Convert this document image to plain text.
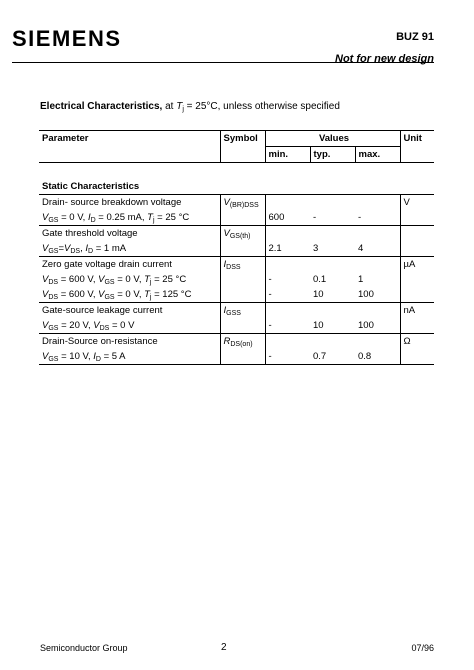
SIEMENS	BUZ 91
Not for new design
Electrical Characteristics, at $T_j = 25^\circ C$, unless otherwise specified
Parameter	Symbol	Values			Unit
		min.	typ.	max.	

Static Characteristics					
Drain- source breakdown voltage	$V_{(BR)DSS}$				V
$V_{GS} = 0$ V, $I_D = 0.25$ mA, $T_j = 25$ °C		600	-	-	
Gate threshold voltage	$V_{GS(th)}$				
$V_{GS}=V_{DS}$, $I_D = 1$ mA		2.1	3	4	
Zero gate voltage drain current	$I_{DSS}$				µA
$V_{DS} = 600$ V, $V_{GS} = 0$ V, $T_j = 25$ °C		-	0.1	1	
$V_{DS} = 600$ V, $V_{GS} = 0$ V, $T_j = 125$ °C		-	10	100	
Gate-source leakage current	$I_{GSS}$				nA
$V_{GS} = 20$ V, $V_{DS} = 0$ V		-	10	100	
Drain-Source on-resistance	$R_{DS(on)}$				Ω
$V_{GS} = 10$ V, $I_D = 5$ A		-	0.7	0.8	
Semiconductor Group	2	07/96
